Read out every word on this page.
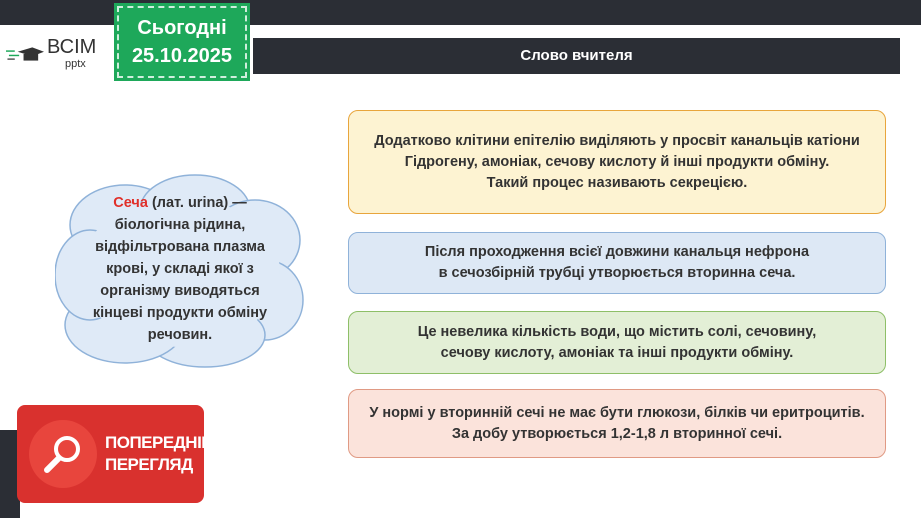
ВСІМ
pptx
Сьогодні
25.10.2025	Слово вчителя
Сеча (лат. urina) — біологічна рідина, відфільтрована плазма крові, у складі якої з організму виводяться кінцеві продукти обміну речовин.
Додатково клітини епітелію виділяють у просвіт канальців катіони
Гідрогену, амоніак, сечову кислоту й інші продукти обміну.
Такий процес називають секрецією.
Після проходження всієї довжини канальця нефрона
в сечозбірній трубці утворюється вторинна сеча.
Це невелика кількість води, що містить солі, сечовину,
сечову кислоту, амоніак та інші продукти обміну.
У нормі у вторинній сечі не має бути глюкози, білків чи еритроцитів.
За добу утворюється 1,2-1,8 л вторинної сечі.
ПОПЕРЕДНІЙ
ПЕРЕГЛЯД
